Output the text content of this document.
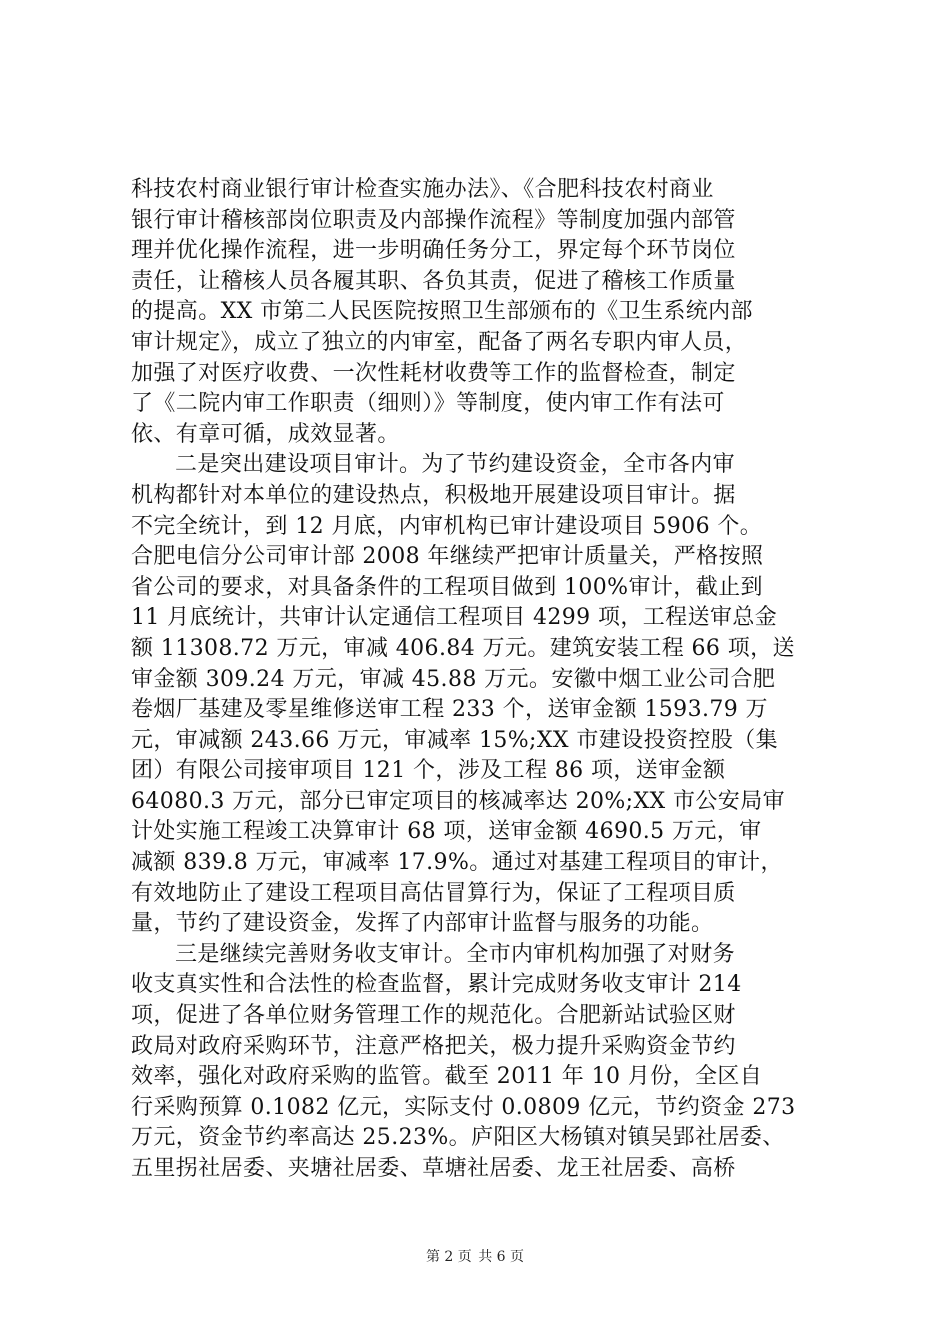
科技农村商业银行审计检查实施办法》、《合肥科技农村商业
银行审计稽核部岗位职责及内部操作流程》等制度加强内部管
理并优化操作流程，进一步明确任务分工，界定每个环节岗位
责任，让稽核人员各履其职、各负其责，促进了稽核工作质量
的提高。XX 市第二人民医院按照卫生部颁布的《卫生系统内部
审计规定》，成立了独立的内审室，配备了两名专职内审人员，
加强了对医疗收费、一次性耗材收费等工作的监督检查，制定
了《二院内审工作职责（细则）》等制度，使内审工作有法可
依、有章可循，成效显著。
二是突出建设项目审计。为了节约建设资金，全市各内审
机构都针对本单位的建设热点，积极地开展建设项目审计。据
不完全统计，到 12 月底，内审机构已审计建设项目 5906 个。
合肥电信分公司审计部 2008 年继续严把审计质量关，严格按照
省公司的要求，对具备条件的工程项目做到 100%审计，截止到
11 月底统计，共审计认定通信工程项目 4299 项，工程送审总金
额 11308.72 万元，审减 406.84 万元。建筑安装工程 66 项，送
审金额 309.24 万元，审减 45.88 万元。安徽中烟工业公司合肥
卷烟厂基建及零星维修送审工程 233 个，送审金额 1593.79 万
元，审减额 243.66 万元，审减率 15%;XX 市建设投资控股（集
团）有限公司接审项目 121 个，涉及工程 86 项，送审金额
64080.3 万元，部分已审定项目的核减率达 20%;XX 市公安局审
计处实施工程竣工决算审计 68 项，送审金额 4690.5 万元，审
减额 839.8 万元，审减率 17.9%。通过对基建工程项目的审计，
有效地防止了建设工程项目高估冒算行为，保证了工程项目质
量，节约了建设资金，发挥了内部审计监督与服务的功能。
三是继续完善财务收支审计。全市内审机构加强了对财务
收支真实性和合法性的检查监督，累计完成财务收支审计 214
项，促进了各单位财务管理工作的规范化。合肥新站试验区财
政局对政府采购环节，注意严格把关，极力提升采购资金节约
效率，强化对政府采购的监管。截至 2011 年 10 月份，全区自
行采购预算 0.1082 亿元，实际支付 0.0809 亿元，节约资金 273
万元，资金节约率高达 25.23%。庐阳区大杨镇对镇吴郢社居委、
五里拐社居委、夹塘社居委、草塘社居委、龙王社居委、高桥
第 2 页 共 6 页
